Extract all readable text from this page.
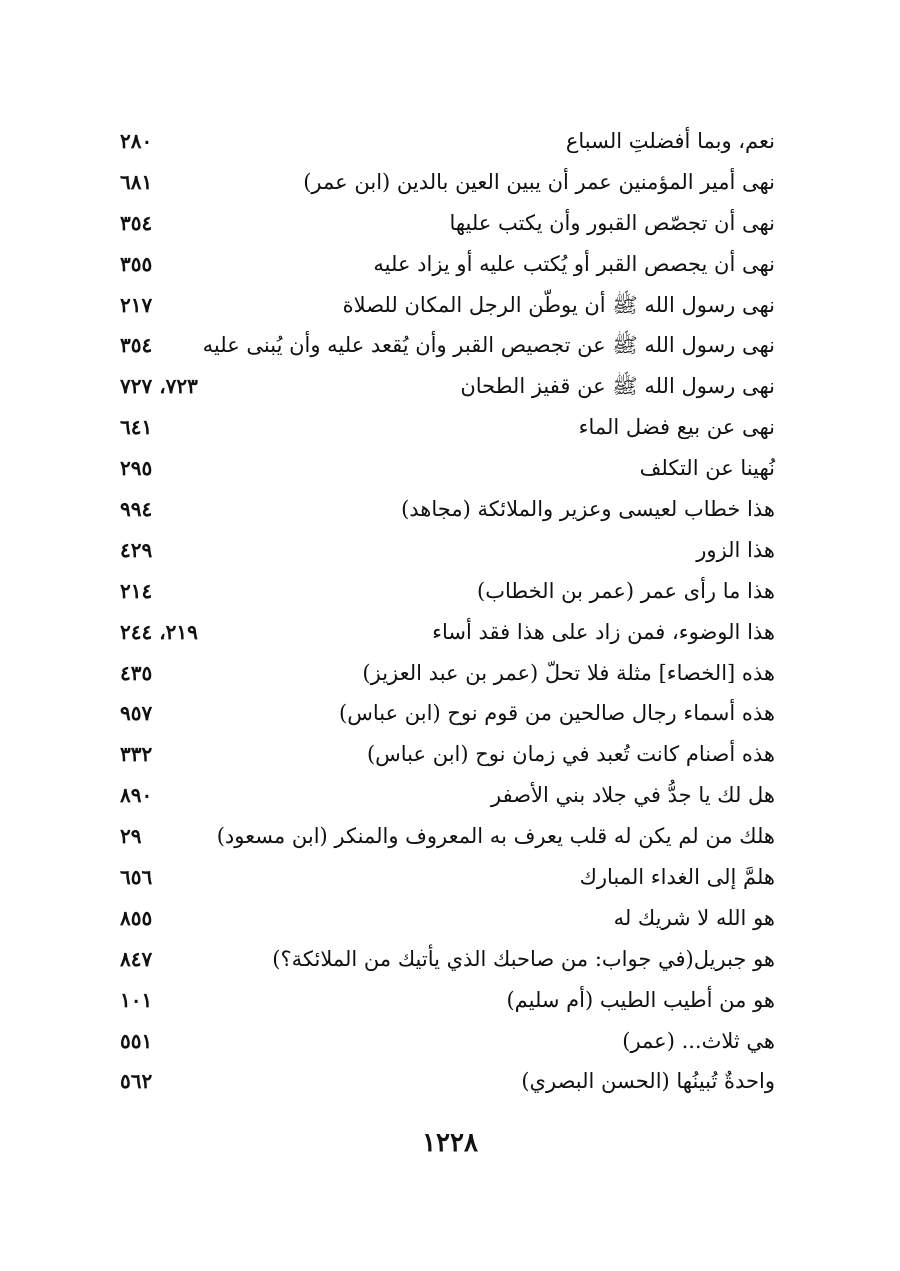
نعم، وبما أفضلتِ السباع
٢٨٠
نهى أمير المؤمنين عمر أن يبين العين بالدين (ابن عمر)
٦٨١
نهى أن تجصّص القبور وأن يكتب عليها
٣٥٤
نهى أن يجصص القبر أو يُكتب عليه أو يزاد عليه
٣٥٥
نهى رسول الله ﷺ أن يوطّن الرجل المكان للصلاة
٢١٧
نهى رسول الله ﷺ عن تجصيص القبر وأن يُقعد عليه وأن يُبنى عليه
٣٥٤
نهى رسول الله ﷺ عن قفيز الطحان
٧٢٣، ٧٢٧
نهى عن بيع فضل الماء
٦٤١
نُهينا عن التكلف
٢٩٥
هذا خطاب لعيسى وعزير والملائكة (مجاهد)
٩٩٤
هذا الزور
٤٢٩
هذا ما رأى عمر (عمر بن الخطاب)
٢١٤
هذا الوضوء، فمن زاد على هذا فقد أساء
٢١٩، ٢٤٤
هذه [الخصاء] مثلة فلا تحلّ (عمر بن عبد العزيز)
٤٣٥
هذه أسماء رجال صالحين من قوم نوح (ابن عباس)
٩٥٧
هذه أصنام كانت تُعبد في زمان نوح (ابن عباس)
٣٣٢
هل لك يا جدُّ في جلاد بني الأصفر
٨٩٠
هلك من لم يكن له قلب يعرف به المعروف والمنكر (ابن مسعود)
٢٩
هلمَّ إلى الغداء المبارك
٦٥٦
هو الله لا شريك له
٨٥٥
هو جبريل(في جواب: من صاحبك الذي يأتيك من الملائكة؟)
٨٤٧
هو من أطيب الطيب (أم سليم)
١٠١
هي ثلاث... (عمر)
٥٥١
واحدةٌ تُبينُها (الحسن البصري)
٥٦٢
١٢٢٨
